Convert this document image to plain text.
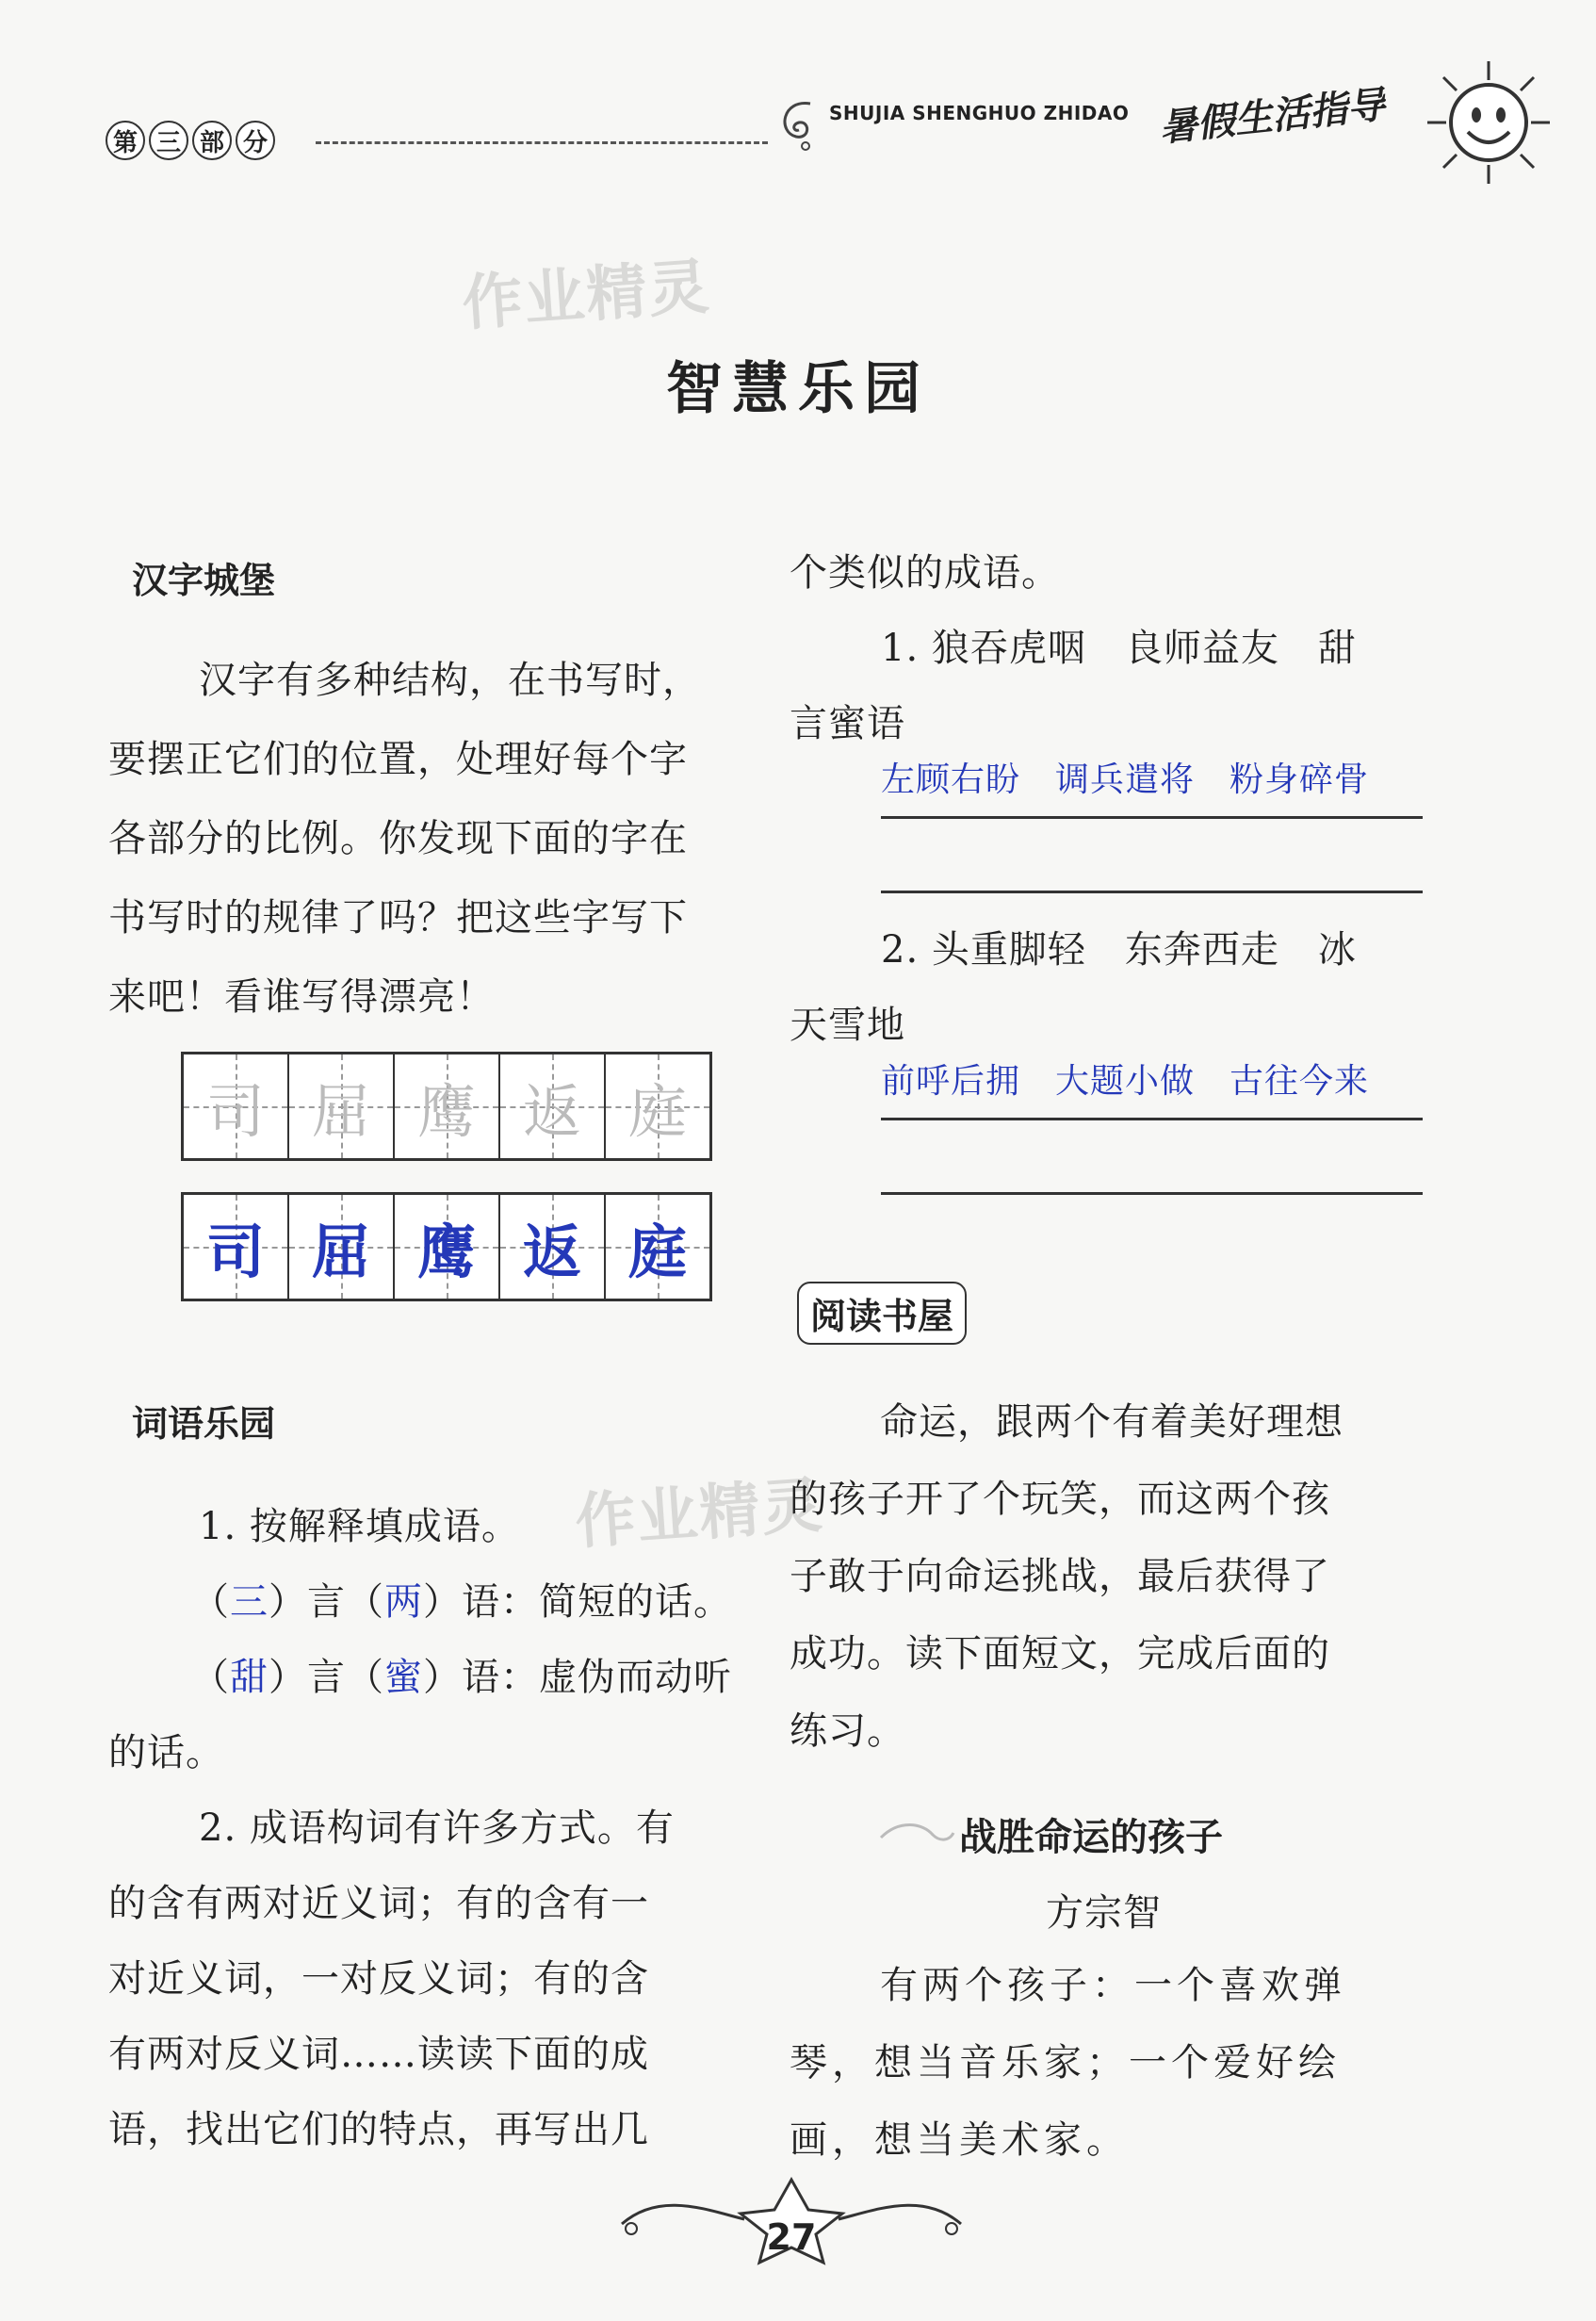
第 三 部 分
SHUJIA SHENGHUO ZHIDAO 暑假生活指导
作业精灵
作业精灵
智慧乐园
汉字城堡
汉字有多种结构，在书写时，
要摆正它们的位置，处理好每个字
各部分的比例。你发现下面的字在
书写时的规律了吗？把这些字写下
来吧！看谁写得漂亮！
司 屈 鹰 返 庭
司 屈 鹰 返 庭
词语乐园
1. 按解释填成语。
（三）言（两）语：简短的话。
（甜）言（蜜）语：虚伪而动听
的话。
2. 成语构词有许多方式。有
的含有两对近义词；有的含有一
对近义词，一对反义词；有的含
有两对反义词……读读下面的成
语，找出它们的特点，再写出几
个类似的成语。
1. 狼吞虎咽　良师益友　甜
言蜜语
左顾右盼　调兵遣将　粉身碎骨
2. 头重脚轻　东奔西走　冰
天雪地
前呼后拥　大题小做　古往今来
阅读书屋
命运，跟两个有着美好理想
的孩子开了个玩笑，而这两个孩
子敢于向命运挑战，最后获得了
成功。读下面短文，完成后面的
练习。
战胜命运的孩子
方宗智
有两个孩子：一个喜欢弹
琴，想当音乐家；一个爱好绘
画，想当美术家。
27
